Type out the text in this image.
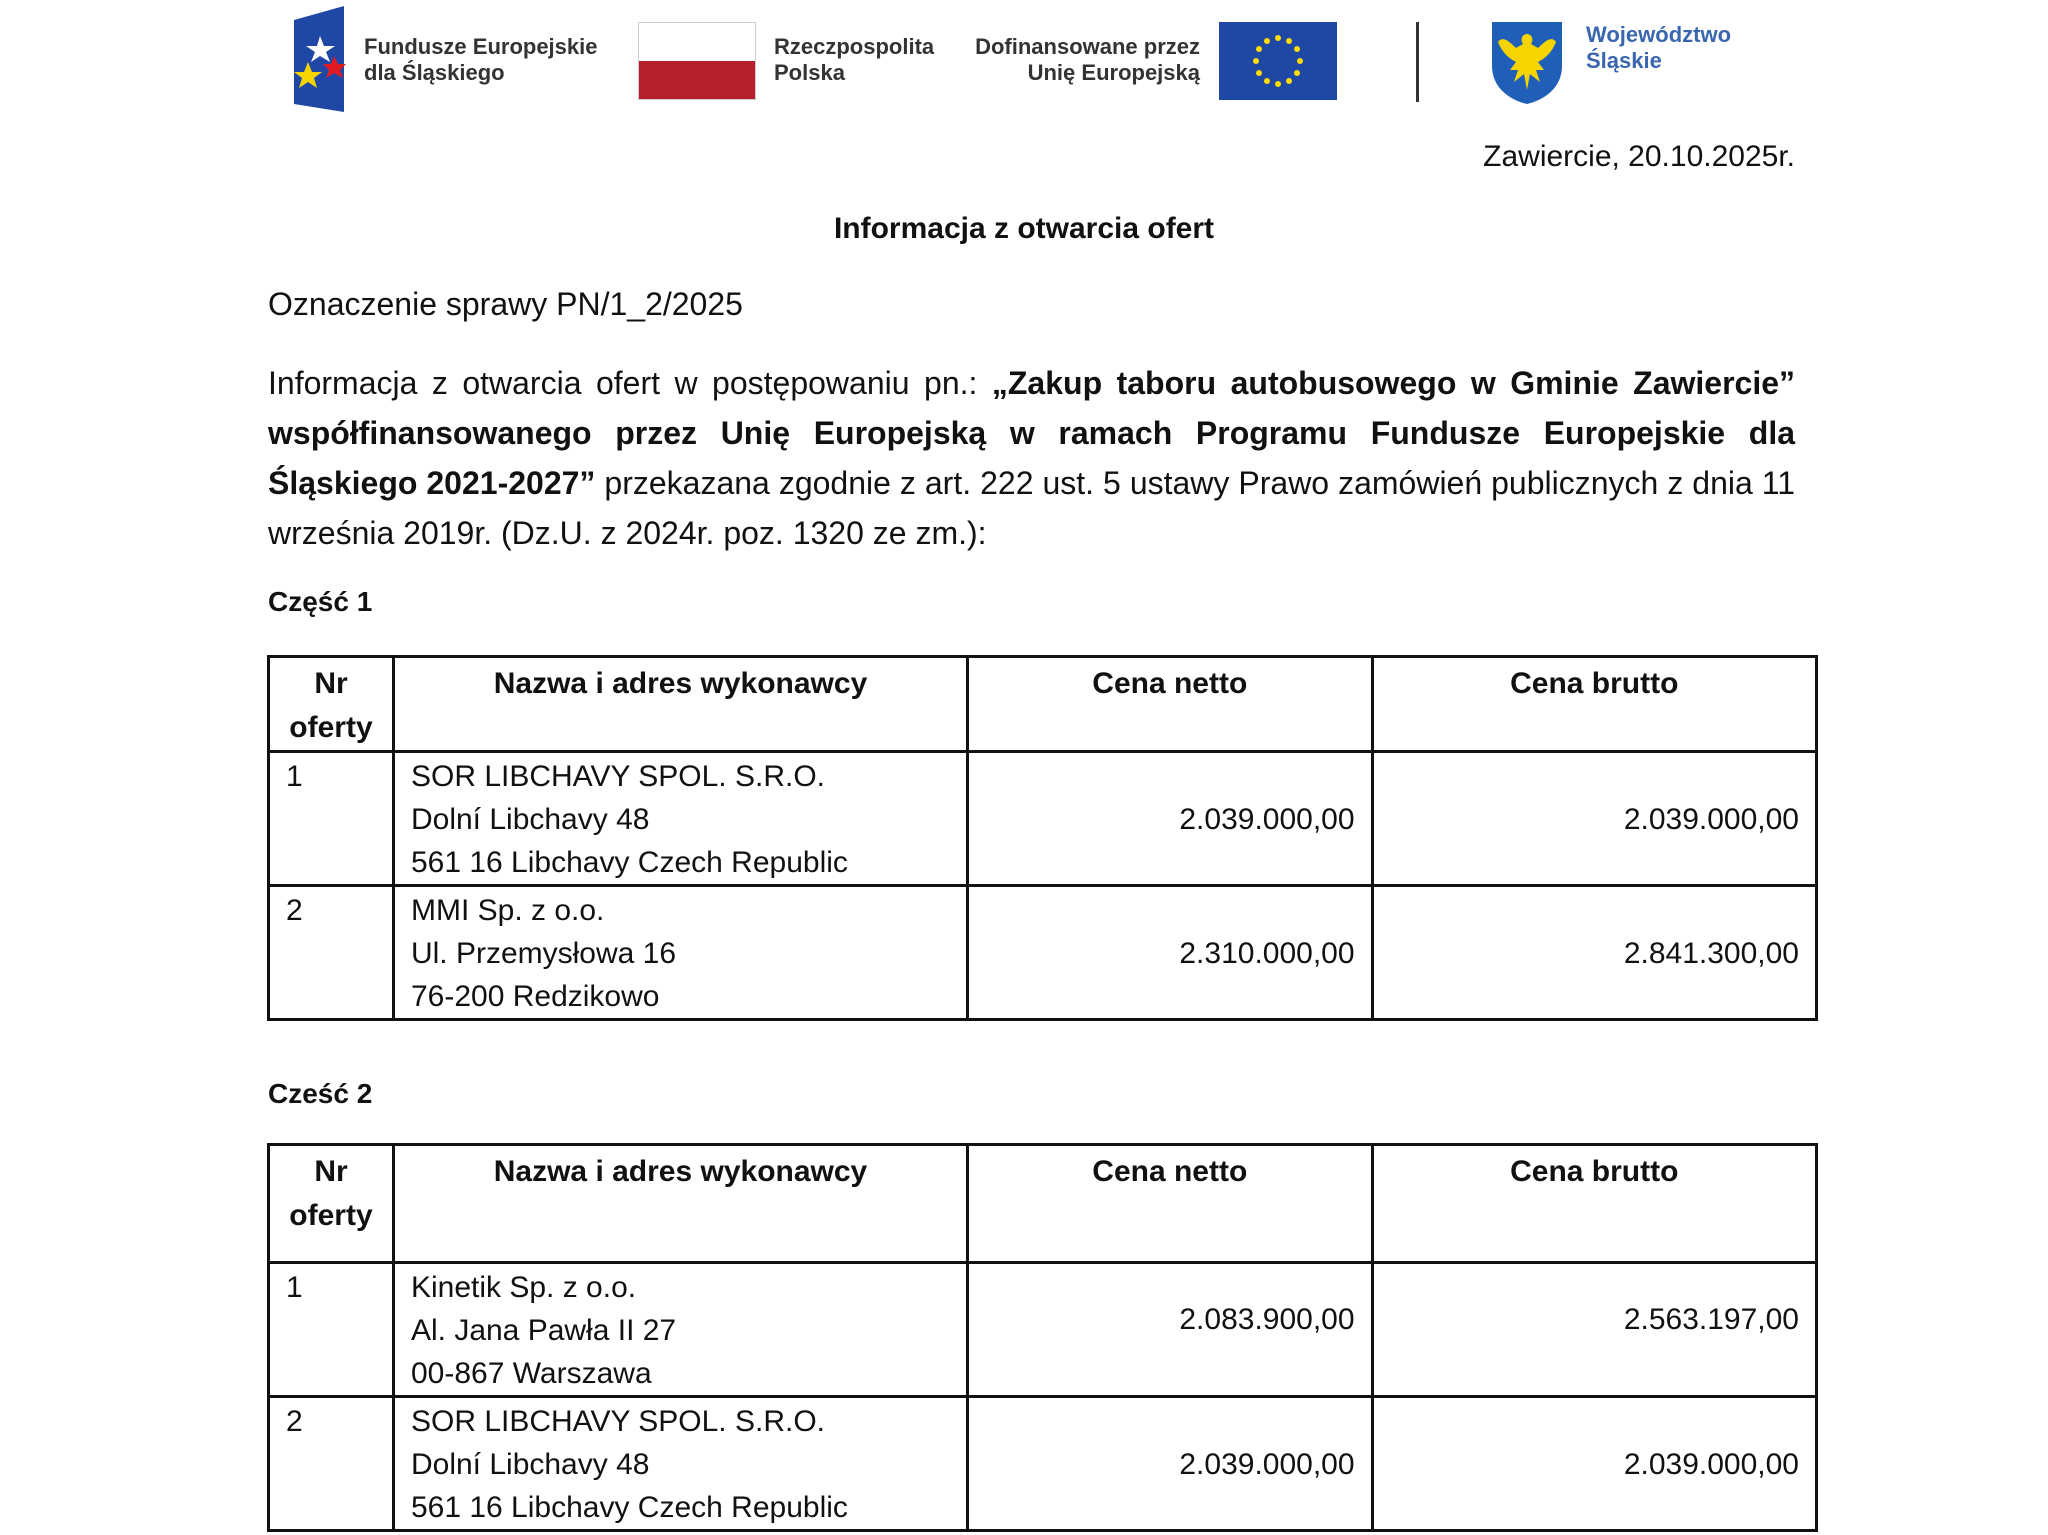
Fundusze Europejskie
dla Śląskiego
Rzeczpospolita
Polska
Dofinansowane przez
Unię Europejską
Województwo
Śląskie
Zawiercie, 20.10.2025r.
Informacja z otwarcia ofert
Oznaczenie sprawy PN/1_2/2025
Informacja z otwarcia ofert w postępowaniu pn.: „Zakup taboru autobusowego w Gminie Zawiercie” współfinansowanego przez Unię Europejską w ramach Programu Fundusze Europejskie dla Śląskiego 2021-2027” przekazana zgodnie z art. 222 ust. 5 ustawy Prawo zamówień publicznych z dnia 11 września 2019r. (Dz.U. z 2024r. poz. 1320 ze zm.):
Część 1
Nr
oferty	Nazwa i adres wykonawcy	Cena netto	Cena brutto
1	SOR LIBCHAVY SPOL. S.R.O.
Dolní Libchavy 48
561 16 Libchavy Czech Republic	2.039.000,00	2.039.000,00
2	MMI Sp. z o.o.
Ul. Przemysłowa 16
76-200 Redzikowo	2.310.000,00	2.841.300,00
Cześć 2
Nr
oferty	Nazwa i adres wykonawcy	Cena netto	Cena brutto
1	Kinetik Sp. z o.o.
Al. Jana Pawła II 27
00-867 Warszawa	2.083.900,00	2.563.197,00
2	SOR LIBCHAVY SPOL. S.R.O.
Dolní Libchavy 48
561 16 Libchavy Czech Republic	2.039.000,00	2.039.000,00
